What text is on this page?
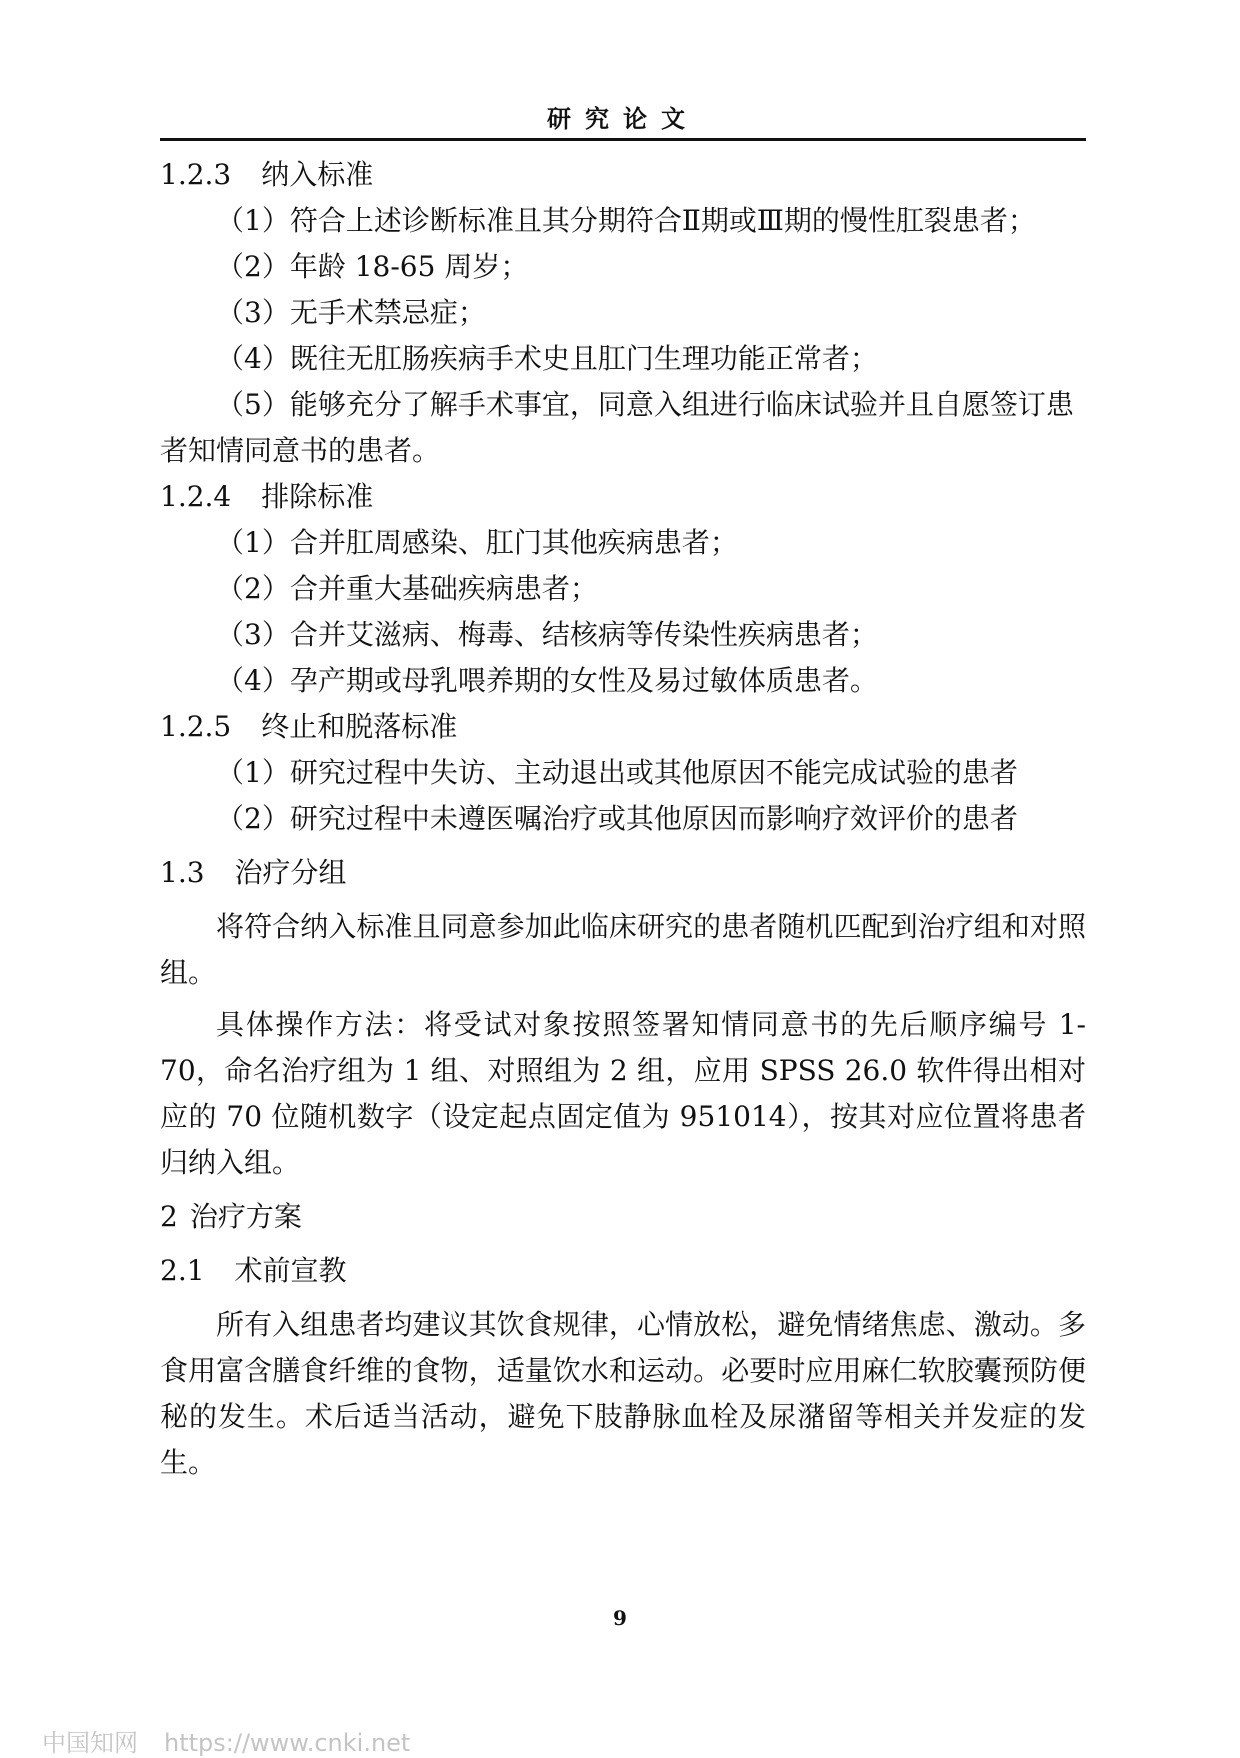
研究论文
1.2.3 纳入标准

（1）符合上述诊断标准且其分期符合Ⅱ期或Ⅲ期的慢性肛裂患者；

（2）年龄 18-65 周岁；

（3）无手术禁忌症；

（4）既往无肛肠疾病手术史且肛门生理功能正常者；

（5）能够充分了解手术事宜，同意入组进行临床试验并且自愿签订患者知情同意书的患者。

1.2.4 排除标准

（1）合并肛周感染、肛门其他疾病患者；

（2）合并重大基础疾病患者；

（3）合并艾滋病、梅毒、结核病等传染性疾病患者；

（4）孕产期或母乳喂养期的女性及易过敏体质患者。

1.2.5 终止和脱落标准

（1）研究过程中失访、主动退出或其他原因不能完成试验的患者

（2）研究过程中未遵医嘱治疗或其他原因而影响疗效评价的患者

1.3 治疗分组

将符合纳入标准且同意参加此临床研究的患者随机匹配到治疗组和对照组。

具体操作方法：将受试对象按照签署知情同意书的先后顺序编号 1-70，命名治疗组为 1 组、对照组为 2 组，应用 SPSS 26.0 软件得出相对应的 70 位随机数字（设定起点固定值为 951014），按其对应位置将患者归纳入组。

2 治疗方案
2.1 术前宣教

所有入组患者均建议其饮食规律，心情放松，避免情绪焦虑、激动。多食用富含膳食纤维的食物，适量饮水和运动。必要时应用麻仁软胶囊预防便秘的发生。术后适当活动，避免下肢静脉血栓及尿潴留等相关并发症的发生。

9
中国知网 https://www.cnki.net
